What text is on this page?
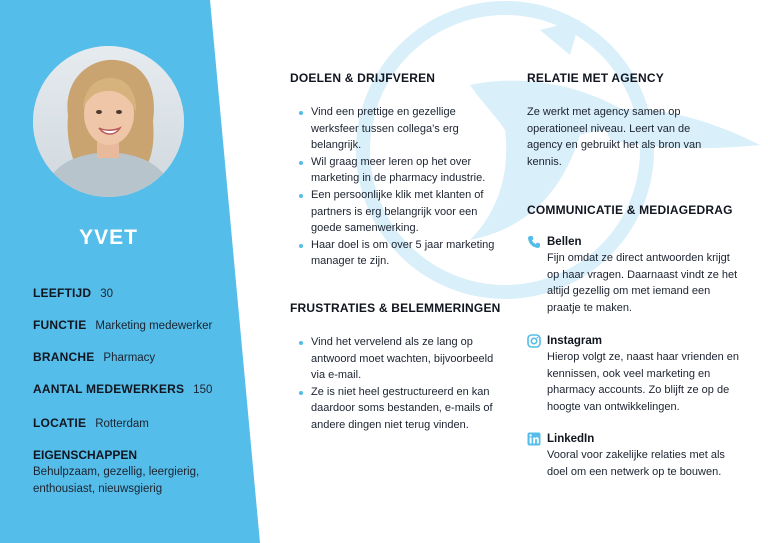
YVET
LEEFTIJD 30
FUNCTIE Marketing medewerker
BRANCHE Pharmacy
AANTAL MEDEWERKERS 150
LOCATIE Rotterdam
EIGENSCHAPPEN
Behulpzaam, gezellig, leergierig, enthousiast, nieuwsgierig
DOELEN & DRIJFVEREN
Vind een prettige en gezellige werksfeer tussen collega’s erg belangrijk.
Wil graag meer leren op het over marketing in de pharmacy industrie.
Een persoonlijke klik met klanten of partners is erg belangrijk voor een goede samenwerking.
Haar doel is om over 5 jaar marketing manager te zijn.
FRUSTRATIES & BELEMMERINGEN
Vind het vervelend als ze lang op antwoord moet wachten, bijvoorbeeld via e-mail.
Ze is niet heel gestructureerd en kan daardoor soms bestanden, e-mails of andere dingen niet terug vinden.
RELATIE MET AGENCY
Ze werkt met agency samen op operationeel niveau. Leert van de agency en gebruikt het als bron van kennis.
COMMUNICATIE & MEDIAGEDRAG
Bellen
Fijn omdat ze direct antwoorden krijgt op haar vragen. Daarnaast vindt ze het altijd gezellig om met iemand een praatje te maken.
Instagram
Hierop volgt ze, naast haar vrienden en kennissen, ook veel marketing en pharmacy accounts. Zo blijft ze op de hoogte van ontwikkelingen.
LinkedIn
Vooral voor zakelijke relaties met als doel om een netwerk op te bouwen.
